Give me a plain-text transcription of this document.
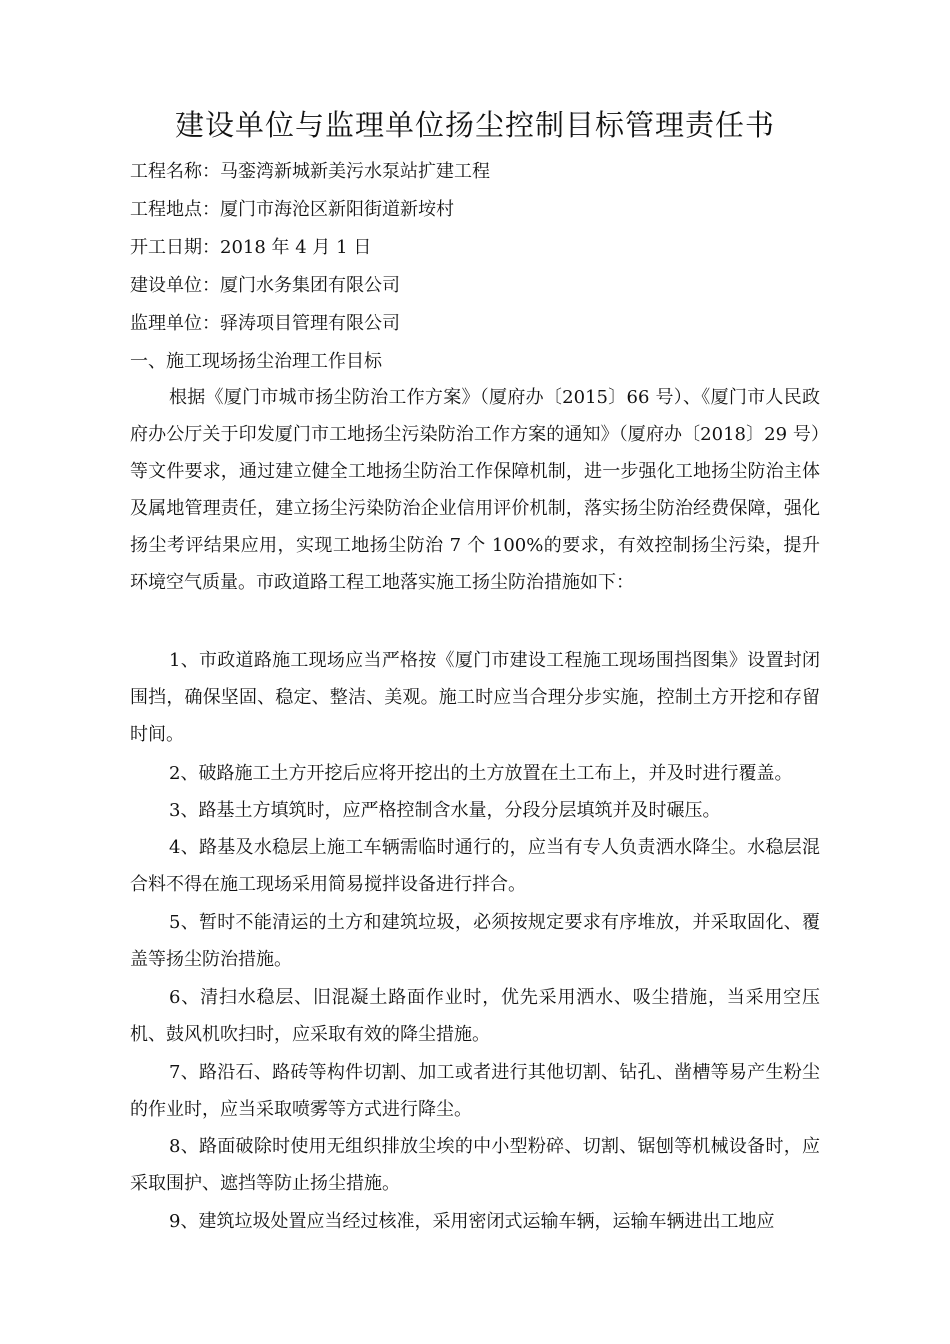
建设单位与监理单位扬尘控制目标管理责任书
工程名称：马銮湾新城新美污水泵站扩建工程
工程地点：厦门市海沧区新阳街道新垵村
开工日期：2018 年 4 月 1 日
建设单位：厦门水务集团有限公司
监理单位：驿涛项目管理有限公司
一、施工现场扬尘治理工作目标

根据《厦门市城市扬尘防治工作方案》（厦府办〔2015〕66 号）、《厦门市人民政府办公厅关于印发厦门市工地扬尘污染防治工作方案的通知》（厦府办〔2018〕29 号）等文件要求，通过建立健全工地扬尘防治工作保障机制，进一步强化工地扬尘防治主体及属地管理责任，建立扬尘污染防治企业信用评价机制，落实扬尘防治经费保障，强化扬尘考评结果应用，实现工地扬尘防治 7 个 100%的要求，有效控制扬尘污染，提升环境空气质量。市政道路工程工地落实施工扬尘防治措施如下：

1、市政道路施工现场应当严格按《厦门市建设工程施工现场围挡图集》设置封闭围挡，确保坚固、稳定、整洁、美观。施工时应当合理分步实施，控制土方开挖和存留时间。

2、破路施工土方开挖后应将开挖出的土方放置在土工布上，并及时进行覆盖。

3、路基土方填筑时，应严格控制含水量，分段分层填筑并及时碾压。

4、路基及水稳层上施工车辆需临时通行的，应当有专人负责洒水降尘。水稳层混合料不得在施工现场采用简易搅拌设备进行拌合。

5、暂时不能清运的土方和建筑垃圾，必须按规定要求有序堆放，并采取固化、覆盖等扬尘防治措施。

6、清扫水稳层、旧混凝土路面作业时，优先采用洒水、吸尘措施，当采用空压机、鼓风机吹扫时，应采取有效的降尘措施。

7、路沿石、路砖等构件切割、加工或者进行其他切割、钻孔、凿槽等易产生粉尘的作业时，应当采取喷雾等方式进行降尘。

8、路面破除时使用无组织排放尘埃的中小型粉碎、切割、锯刨等机械设备时，应采取围护、遮挡等防止扬尘措施。

9、建筑垃圾处置应当经过核准，采用密闭式运输车辆，运输车辆进出工地应
